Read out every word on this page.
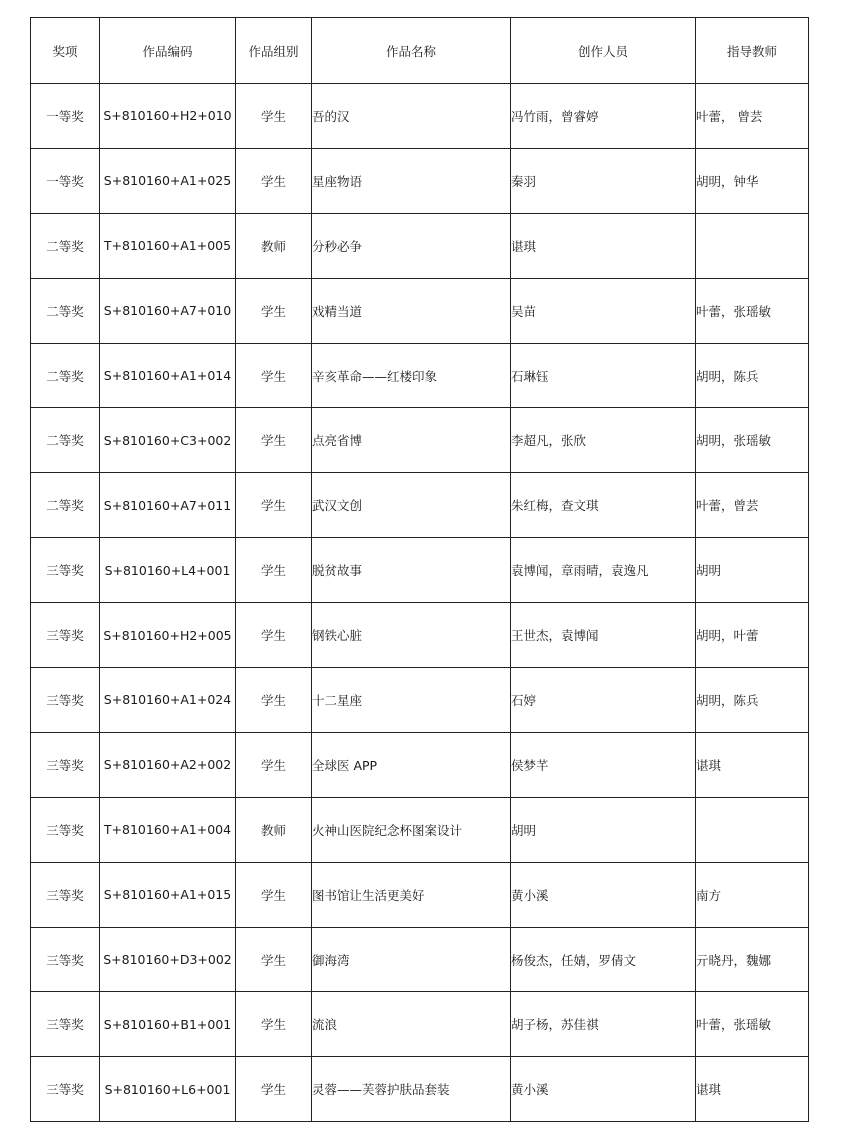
奖项	作品编码	作品组别	作品名称	创作人员	指导教师
一等奖	S+810160+H2+010	学生	吾的汉	冯竹雨，曾睿婷	叶蕾， 曾芸
一等奖	S+810160+A1+025	学生	星座物语	秦羽	胡明，钟华
二等奖	T+810160+A1+005	教师	分秒必争	谌琪	
二等奖	S+810160+A7+010	学生	戏精当道	吴苗	叶蕾，张瑶敏
二等奖	S+810160+A1+014	学生	辛亥革命——红楼印象	石琳钰	胡明，陈兵
二等奖	S+810160+C3+002	学生	点亮省博	李超凡，张欣	胡明，张瑶敏
二等奖	S+810160+A7+011	学生	武汉文创	朱红梅，查文琪	叶蕾，曾芸
三等奖	S+810160+L4+001	学生	脱贫故事	袁博闻，章雨晴，袁逸凡	胡明
三等奖	S+810160+H2+005	学生	钢铁心脏	王世杰，袁博闻	胡明，叶蕾
三等奖	S+810160+A1+024	学生	十二星座	石婷	胡明，陈兵
三等奖	S+810160+A2+002	学生	全球医 APP	侯梦芊	谌琪
三等奖	T+810160+A1+004	教师	火神山医院纪念杯图案设计	胡明	
三等奖	S+810160+A1+015	学生	图书馆让生活更美好	黄小溪	南方
三等奖	S+810160+D3+002	学生	御海湾	杨俊杰，任婧，罗倩文	亓晓丹，魏娜
三等奖	S+810160+B1+001	学生	流浪	胡子杨，苏佳祺	叶蕾，张瑶敏
三等奖	S+810160+L6+001	学生	灵蓉——芙蓉护肤品套装	黄小溪	谌琪
